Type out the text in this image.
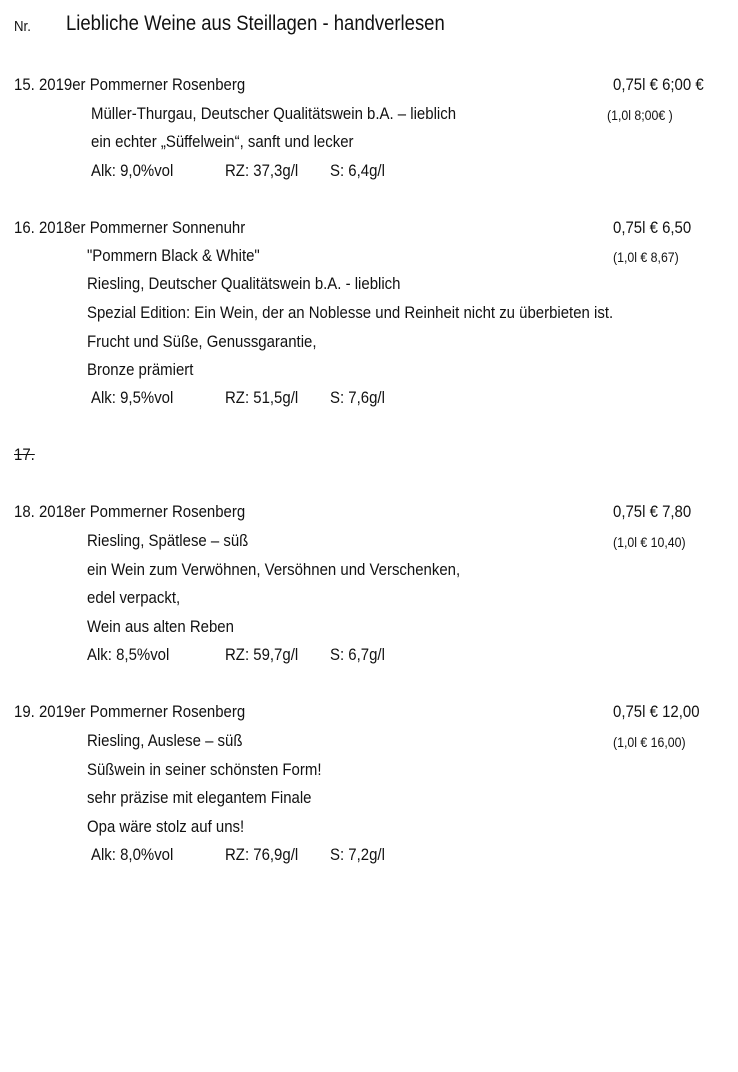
Nr. Liebliche Weine aus Steillagen - handverlesen
15. 2019er Pommerner Rosenberg	0,75l € 6;00 €
(1,0l 8;00€ )
Müller-Thurgau, Deutscher Qualitätswein b.A. – lieblich
ein echter „Süffelwein“, sanft und lecker
Alk: 9,0%vol	RZ: 37,3g/l S: 6,4g/l
16. 2018er Pommerner Sonnenuhr	0,75l € 6,50
(1,0l € 8,67)
"Pommern Black & White"
Riesling, Deutscher Qualitätswein b.A. - lieblich
Spezial Edition: Ein Wein, der an Noblesse und Reinheit nicht zu überbieten ist.
Frucht und Süße, Genussgarantie,
Bronze prämiert
Alk: 9,5%vol	RZ: 51,5g/l S: 7,6g/l
17.
18. 2018er Pommerner Rosenberg	0,75l € 7,80
(1,0l € 10,40)
Riesling, Spätlese – süß
ein Wein zum Verwöhnen, Versöhnen und Verschenken,
edel verpackt,
Wein aus alten Reben
Alk: 8,5%vol	RZ: 59,7g/l S: 6,7g/l
19. 2019er Pommerner Rosenberg	0,75l € 12,00
(1,0l € 16,00)
Riesling, Auslese – süß
Süßwein in seiner schönsten Form!
sehr präzise mit elegantem Finale
Opa wäre stolz auf uns!
Alk: 8,0%vol	RZ: 76,9g/l S: 7,2g/l
